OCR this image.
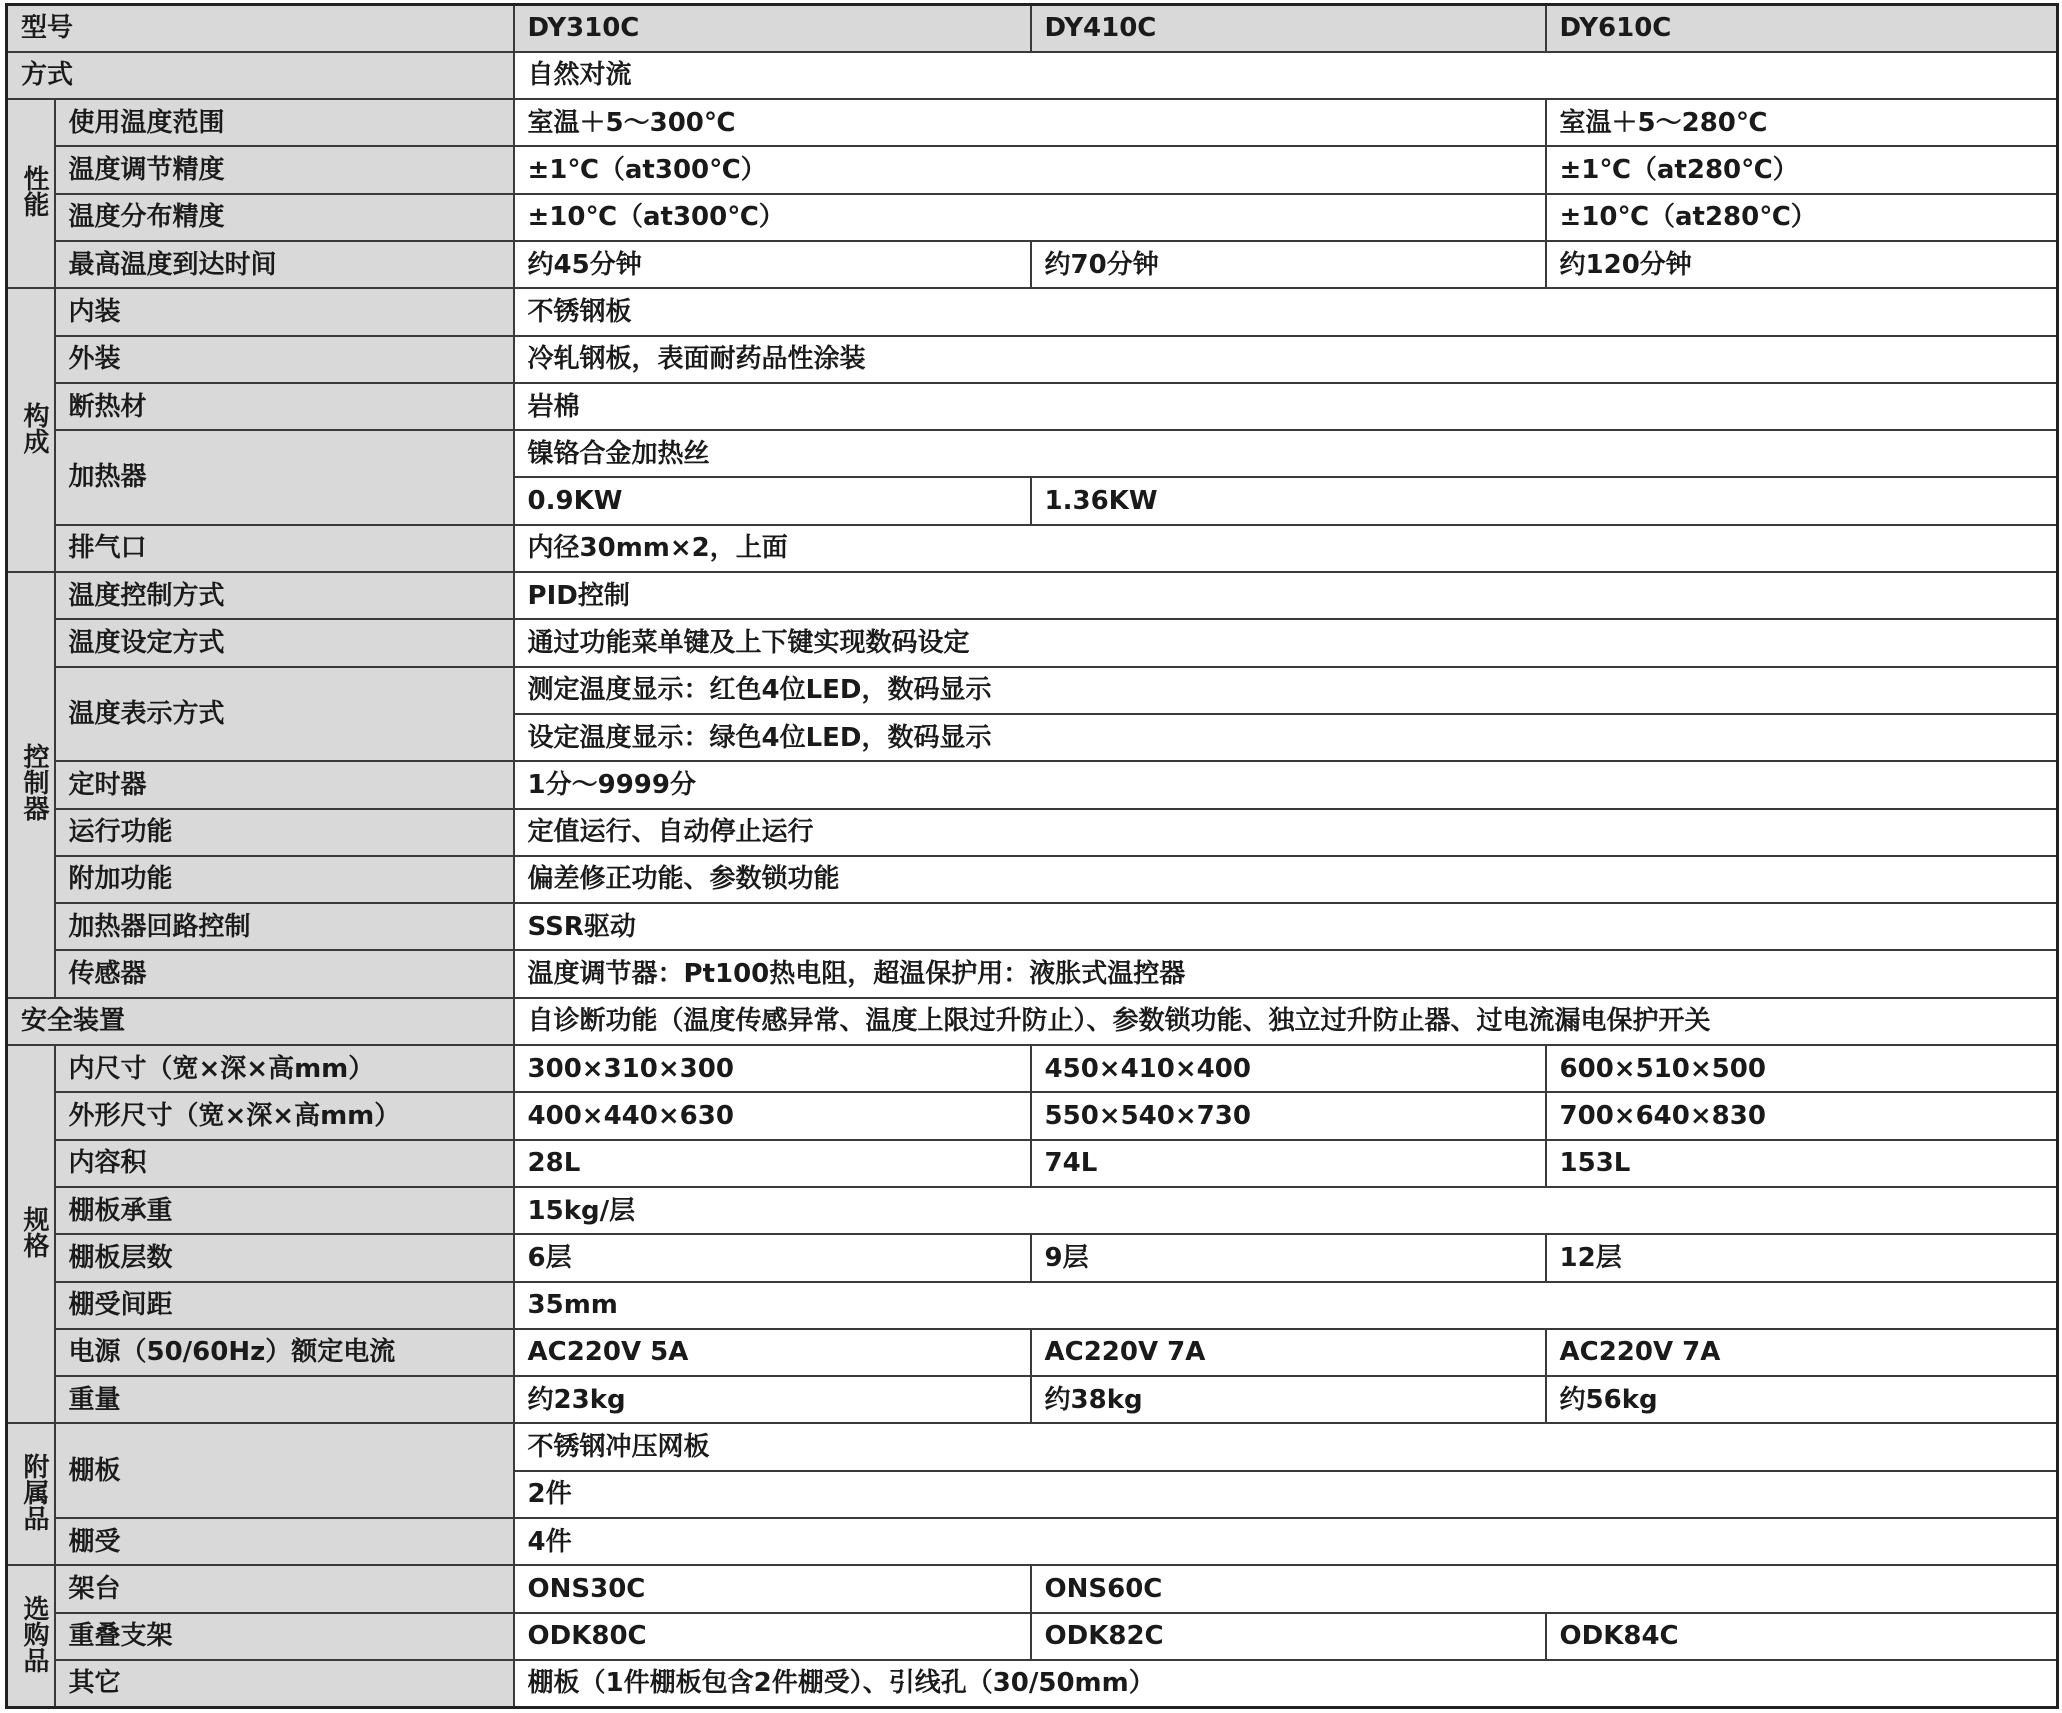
型号		DY310C	DY410C	DY610C
方式		自然对流		
性能	使用温度范围	室温＋5～300℃		室温＋5～280℃
	温度调节精度	±1℃（at300℃）		±1℃（at280℃）
	温度分布精度	±10℃（at300℃）		±10℃（at280℃）
	最高温度到达时间	约45分钟	约70分钟	约120分钟
构成	内装	不锈钢板		
	外装	冷轧钢板，表面耐药品性涂装		
	断热材	岩棉		
	加热器	镍铬合金加热丝		
		0.9KW	1.36KW	
	排气口	内径30mm×2，上面		
控制器	温度控制方式	PID控制		
	温度设定方式	通过功能菜单键及上下键实现数码设定		
	温度表示方式	测定温度显示：红色4位LED，数码显示		
		设定温度显示：绿色4位LED，数码显示		
	定时器	1分～9999分		
	运行功能	定值运行、自动停止运行		
	附加功能	偏差修正功能、参数锁功能		
	加热器回路控制	SSR驱动		
	传感器	温度调节器：Pt100热电阻，超温保护用：液胀式温控器		
安全装置		自诊断功能（温度传感异常、温度上限过升防止）、参数锁功能、独立过升防止器、过电流漏电保护开关		
规格	内尺寸（宽×深×高mm）	300×310×300	450×410×400	600×510×500
	外形尺寸（宽×深×高mm）	400×440×630	550×540×730	700×640×830
	内容积	28L	74L	153L
	棚板承重	15kg/层		
	棚板层数	6层	9层	12层
	棚受间距	35mm		
	电源（50/60Hz）额定电流	AC220V 5A	AC220V 7A	AC220V 7A
	重量	约23kg	约38kg	约56kg
附属品	棚板	不锈钢冲压网板		
		2件		
	棚受	4件		
选购品	架台	ONS30C	ONS60C	
	重叠支架	ODK80C	ODK82C	ODK84C
	其它	棚板（1件棚板包含2件棚受）、引线孔（30/50mm）		
